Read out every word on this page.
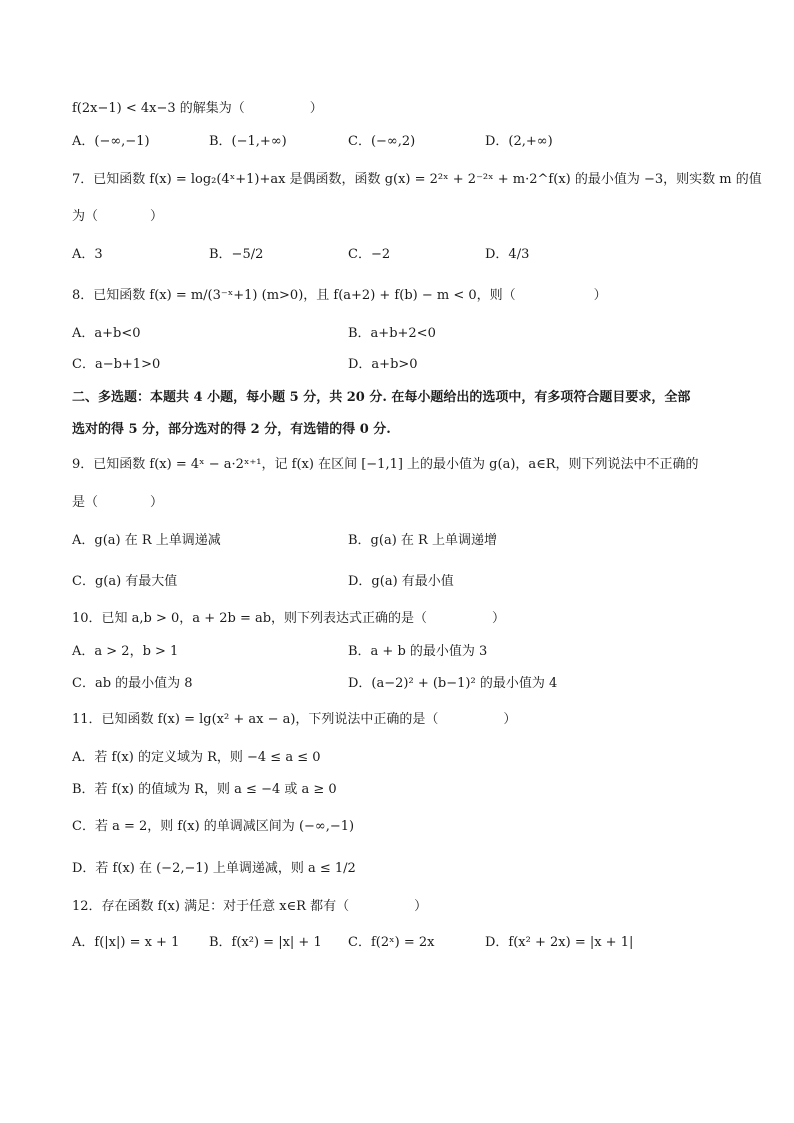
f(2x−1) < 4x−3 的解集为（　　　　　）
A．(−∞,−1)	B．(−1,+∞)	C．(−∞,2)	D．(2,+∞)
7．已知函数 f(x) = log₂(4ˣ+1)+ax 是偶函数，函数 g(x) = 2²ˣ + 2⁻²ˣ + m·2^f(x) 的最小值为 −3，则实数 m 的值
为（　　　　）
A．3	B．−5/2	C．−2	D．4/3
8．已知函数 f(x) = m/(3⁻ˣ+1) (m>0)，且 f(a+2) + f(b) − m < 0，则（　　　　　　）
A．a+b<0	B．a+b+2<0
C．a−b+1>0	D．a+b>0
二、多选题：本题共 4 小题，每小题 5 分，共 20 分. 在每小题给出的选项中，有多项符合题目要求，全部
选对的得 5 分，部分选对的得 2 分，有选错的得 0 分.
9．已知函数 f(x) = 4ˣ − a·2ˣ⁺¹，记 f(x) 在区间 [−1,1] 上的最小值为 g(a)，a∈R，则下列说法中不正确的
是（　　　　）
A．g(a) 在 R 上单调递减	B．g(a) 在 R 上单调递增
C．g(a) 有最大值	D．g(a) 有最小值
10．已知 a,b > 0，a + 2b = ab，则下列表达式正确的是（　　　　　）
A．a > 2，b > 1	B．a + b 的最小值为 3
C．ab 的最小值为 8	D．(a−2)² + (b−1)² 的最小值为 4
11．已知函数 f(x) = lg(x² + ax − a)，下列说法中正确的是（　　　　　）
A．若 f(x) 的定义域为 R，则 −4 ≤ a ≤ 0
B．若 f(x) 的值域为 R，则 a ≤ −4 或 a ≥ 0
C．若 a = 2，则 f(x) 的单调减区间为 (−∞,−1)
D．若 f(x) 在 (−2,−1) 上单调递减，则 a ≤ 1/2
12．存在函数 f(x) 满足：对于任意 x∈R 都有（　　　　　）
A．f(|x|) = x + 1 B．f(x²) = |x| + 1 C．f(2ˣ) = 2x	D．f(x² + 2x) = |x + 1|
